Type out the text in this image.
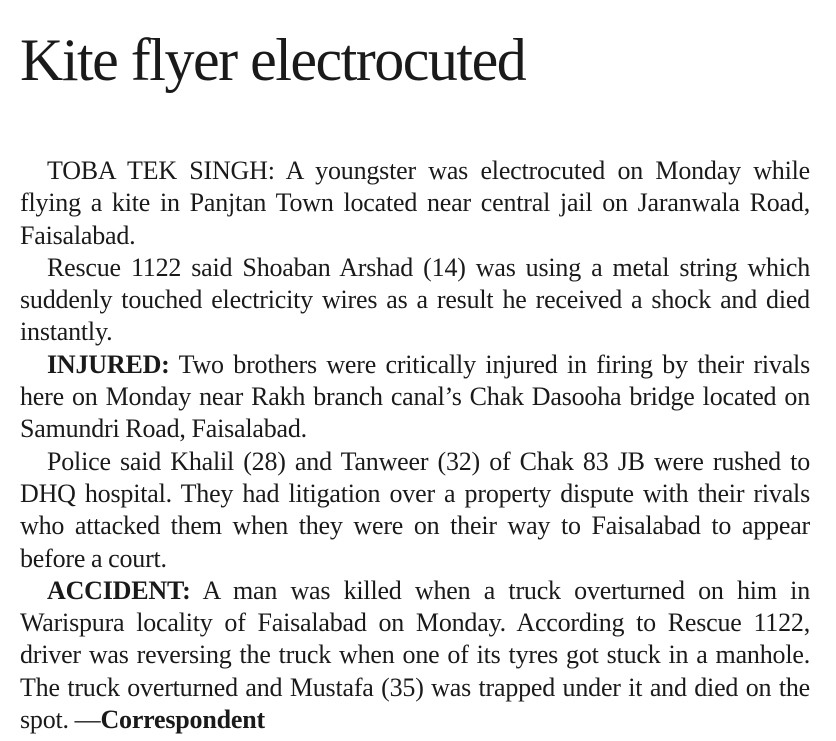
Kite flyer electrocuted

TOBA TEK SINGH: A youngster was electrocuted on Monday while flying a kite in Panjtan Town located near central jail on Jaranwala Road, Faisalabad.

Rescue 1122 said Shoaban Arshad (14) was using a metal string which suddenly touched electricity wires as a result he received a shock and died instantly.

INJURED: Two brothers were critically injured in firing by their rivals here on Monday near Rakh branch canal’s Chak Dasooha bridge located on Samundri Road, Faisalabad.

Police said Khalil (28) and Tanweer (32) of Chak 83 JB were rushed to DHQ hospital. They had litigation over a property dispute with their rivals who attacked them when they were on their way to Faisalabad to appear before a court.

ACCIDENT: A man was killed when a truck overturned on him in Warispura locality of Faisalabad on Monday. According to Rescue 1122, driver was reversing the truck when one of its tyres got stuck in a manhole. The truck overturned and Mustafa (35) was trapped under it and died on the spot. —Correspondent
